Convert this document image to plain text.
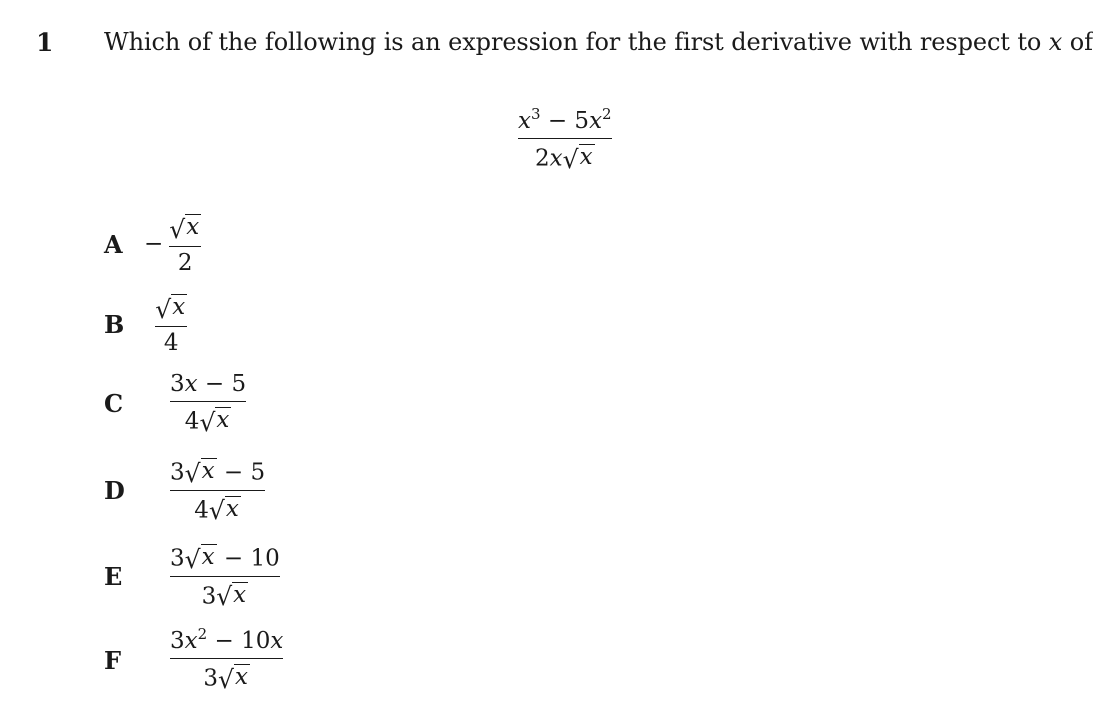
1 Which of the following is an expression for the first derivative with respect to x of
$\frac{x^3 - 5x^2}{2x √ x}$
$A - \frac{√ x}{2}$
B	$\frac{√ x}{4}$
C	$\frac{3x - 5}{4 √ x}$
D	$\frac{3 √ x - 5}{4 √ x}$
E	$\frac{3 √ x - 10}{3 √ x}$
F	$\frac{3x^2 - 10x}{3 √ x}$
